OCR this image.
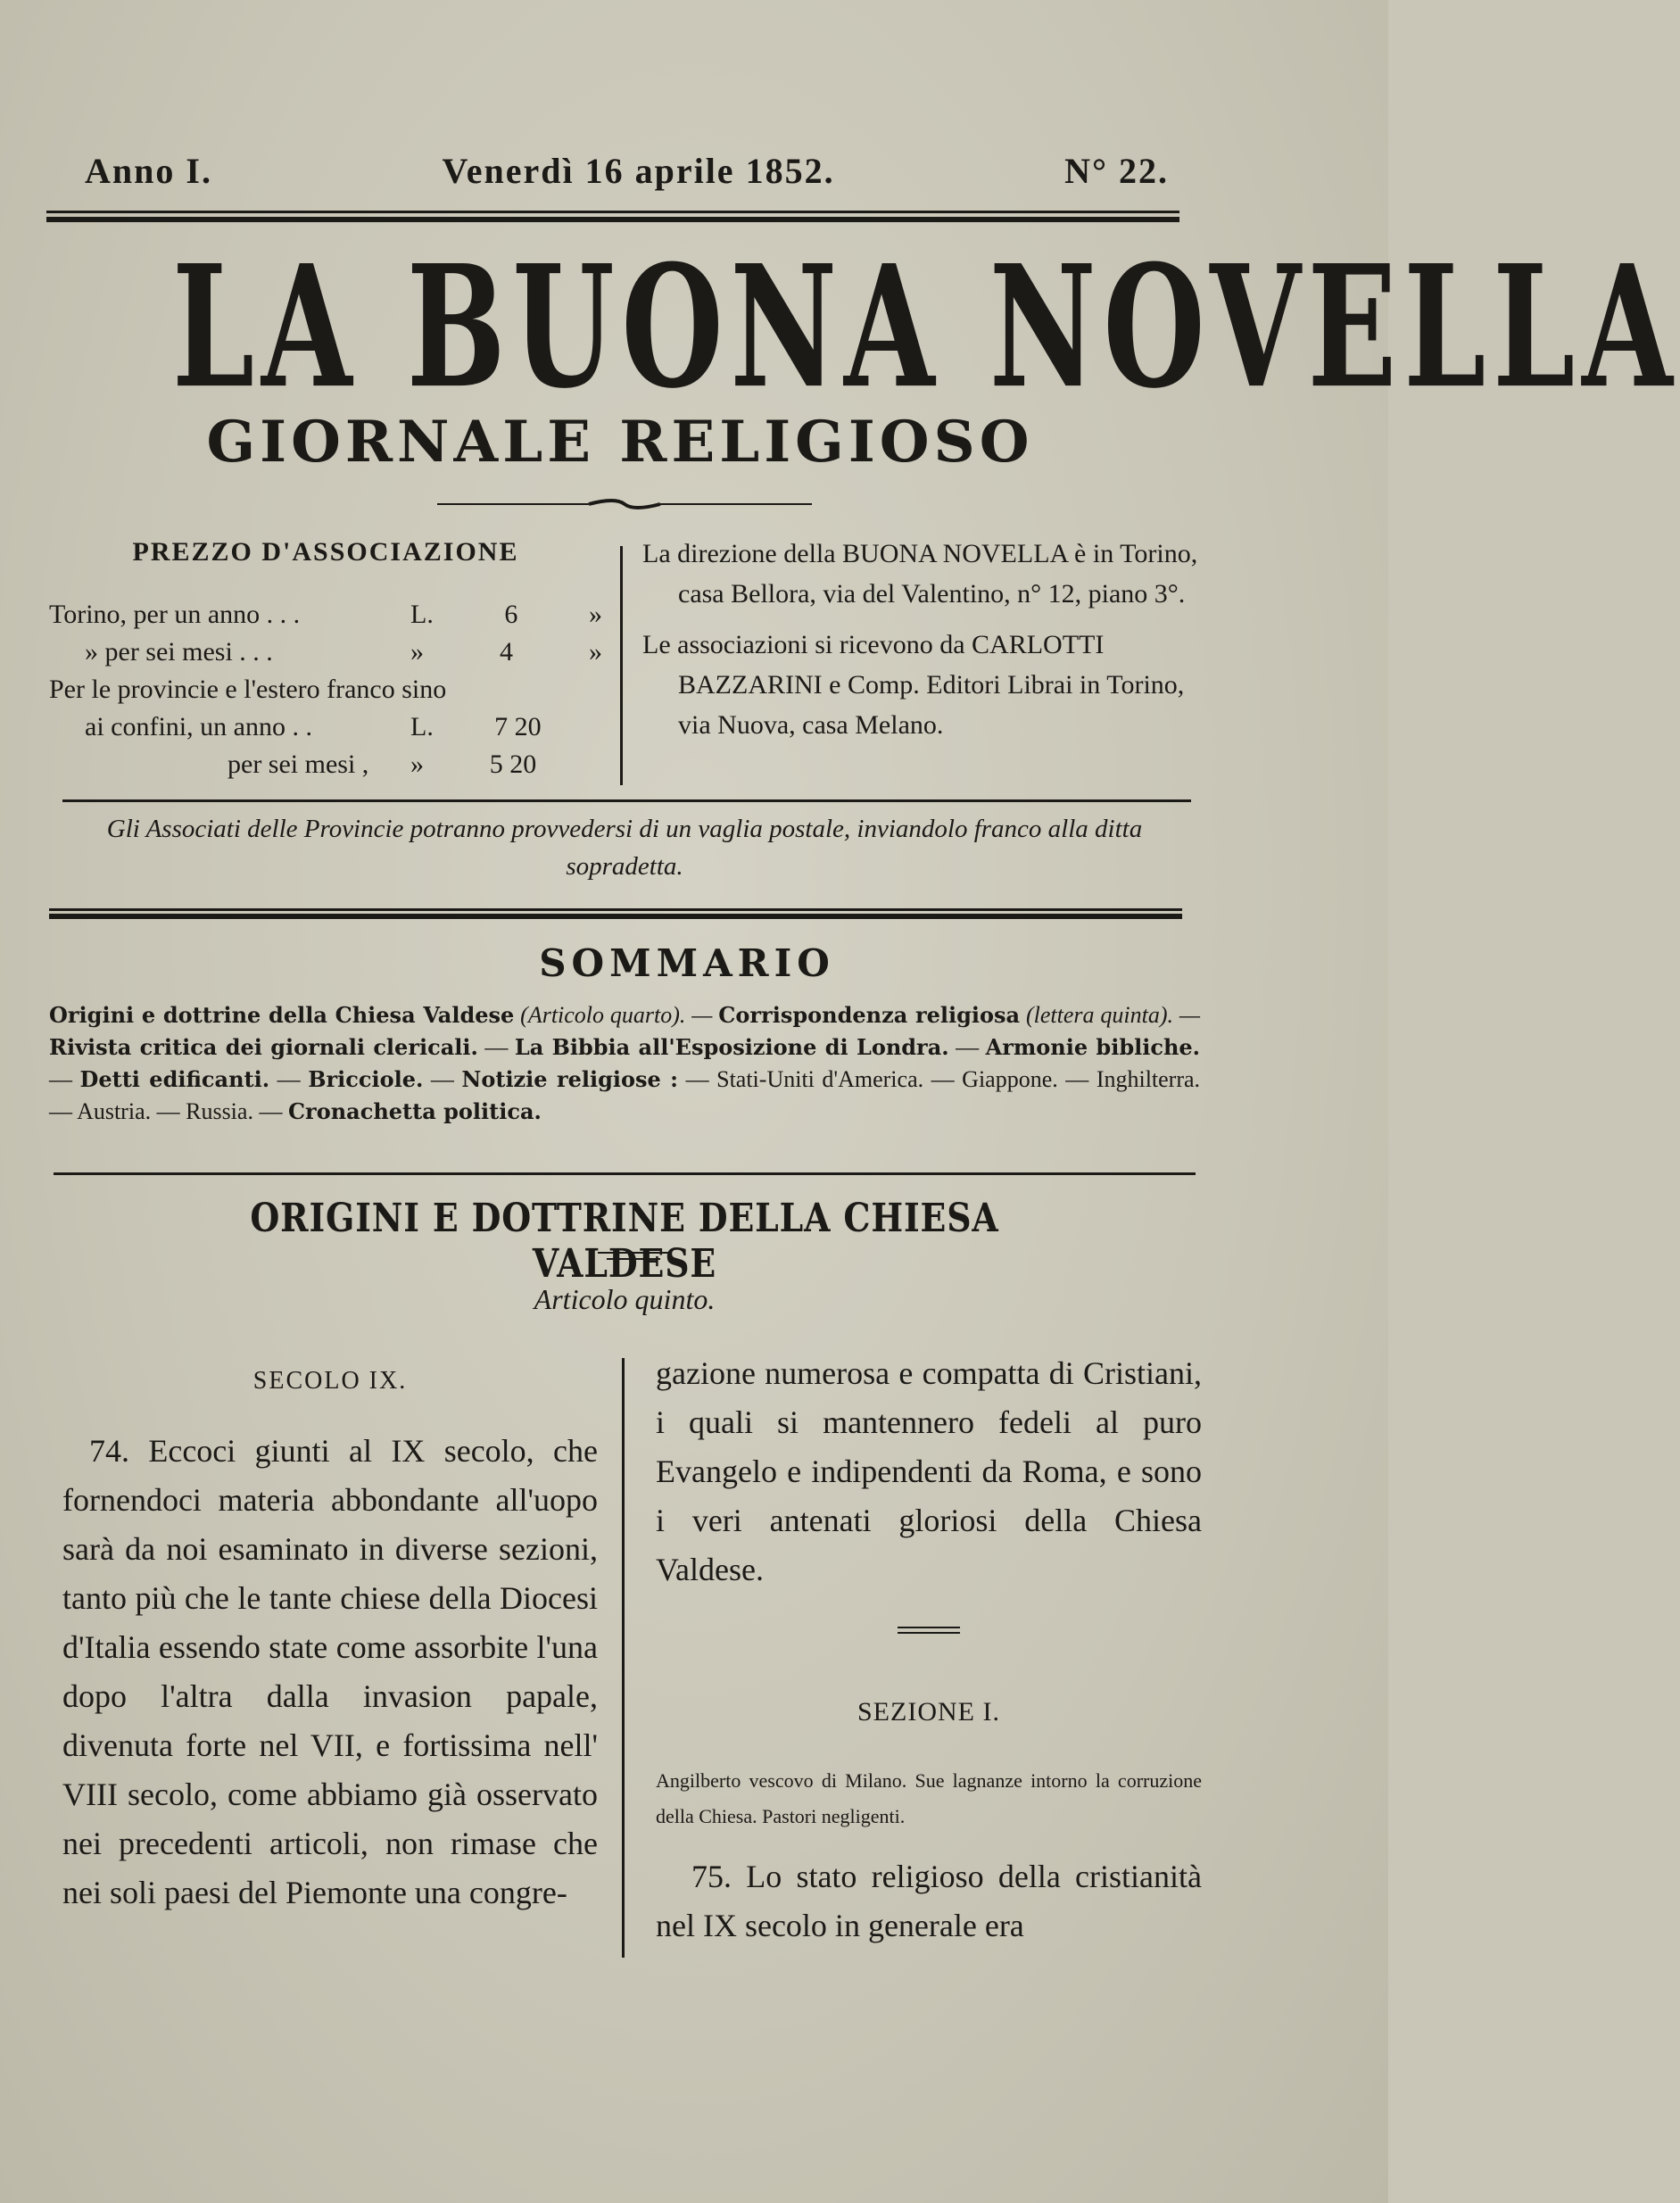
Anno I.	Venerdì 16 aprile 1852.	N° 22.
LA BUONA NOVELLA
GIORNALE RELIGIOSO
PREZZO D'ASSOCIAZIONE
Torino, per un anno . . .	L.	6	»
» per sei mesi . . .	»	4	»
Per le provincie e l'estero franco sino
ai confini, un anno . .	L. 7 20
per sei mesi ,	» 5 20

La direzione della BUONA NOVELLA è in Torino, casa Bellora, via del Valentino, n° 12, piano 3°.

Le associazioni si ricevono da CARLOTTI BAZZARINI e Comp. Editori Librai in Torino, via Nuova, casa Melano.

Gli Associati delle Provincie potranno provvedersi di un vaglia postale, inviandolo franco alla ditta sopradetta.
SOMMARIO
Origini e dottrine della Chiesa Valdese (Articolo quarto). — Corrispondenza religiosa (lettera quinta). — Rivista critica dei giornali clericali. — La Bibbia all'Esposizione di Londra. — Armonie bibliche. — Detti edificanti. — Bricciole. — Notizie religiose : — Stati-Uniti d'America. — Giappone. — Inghilterra. — Austria. — Russia. — Cronachetta politica.
ORIGINI E DOTTRINE DELLA CHIESA VALDESE
Articolo quinto.
SECOLO IX.

74. Eccoci giunti al IX secolo, che fornendoci materia abbondante all'uopo sarà da noi esaminato in diverse sezioni, tanto più che le tante chiese della Diocesi d'Italia essendo state come assorbite l'una dopo l'altra dalla invasion papale, divenuta forte nel VII, e fortissima nell' VIII secolo, come abbiamo già osservato nei precedenti articoli, non rimase che nei soli paesi del Piemonte una congre-

gazione numerosa e compatta di Cristiani, i quali si mantennero fedeli al puro Evangelo e indipendenti da Roma, e sono i veri antenati gloriosi della Chiesa Valdese.

SEZIONE I.

Angilberto vescovo di Milano. Sue lagnanze intorno la corruzione della Chiesa. Pastori negligenti.

75. Lo stato religioso della cristianità nel IX secolo in generale era
